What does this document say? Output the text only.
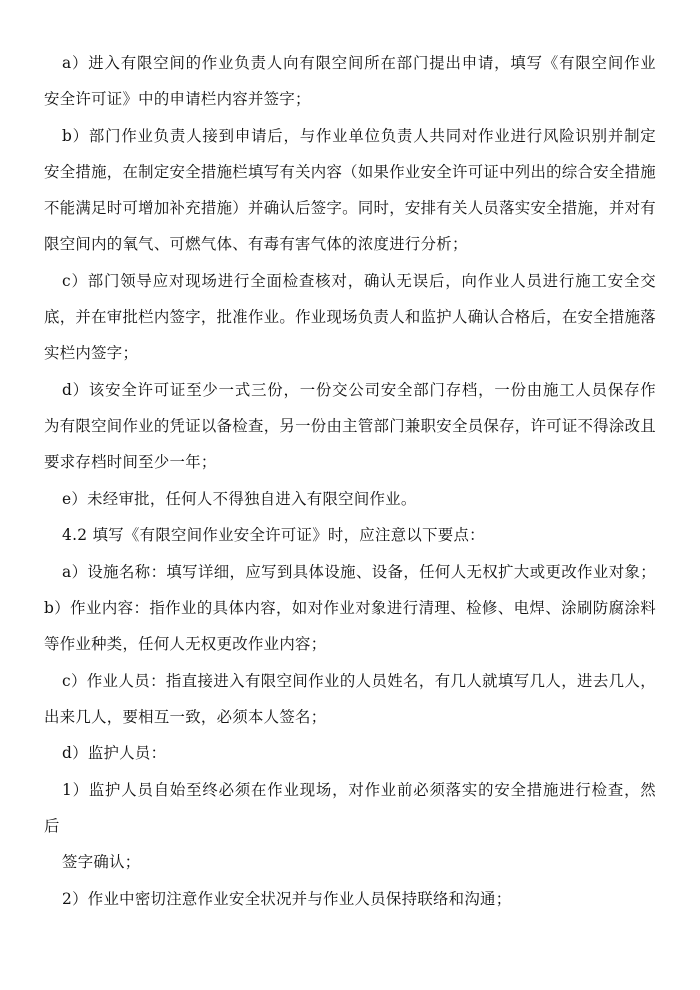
a）进入有限空间的作业负责人向有限空间所在部门提出申请，填写《有限空间作业
安全许可证》中的申请栏内容并签字；
b）部门作业负责人接到申请后，与作业单位负责人共同对作业进行风险识别并制定
安全措施，在制定安全措施栏填写有关内容（如果作业安全许可证中列出的综合安全措施
不能满足时可增加补充措施）并确认后签字。同时，安排有关人员落实安全措施，并对有
限空间内的氧气、可燃气体、有毒有害气体的浓度进行分析；
c）部门领导应对现场进行全面检查核对，确认无误后，向作业人员进行施工安全交
底，并在审批栏内签字，批准作业。作业现场负责人和监护人确认合格后，在安全措施落
实栏内签字；
d）该安全许可证至少一式三份，一份交公司安全部门存档，一份由施工人员保存作
为有限空间作业的凭证以备检查，另一份由主管部门兼职安全员保存，许可证不得涂改且
要求存档时间至少一年；
e）未经审批，任何人不得独自进入有限空间作业。
4.2 填写《有限空间作业安全许可证》时，应注意以下要点：
a）设施名称：填写详细，应写到具体设施、设备，任何人无权扩大或更改作业对象；
b）作业内容：指作业的具体内容，如对作业对象进行清理、检修、电焊、涂刷防腐涂料
等作业种类，任何人无权更改作业内容；
c）作业人员：指直接进入有限空间作业的人员姓名，有几人就填写几人，进去几人，
出来几人，要相互一致，必须本人签名；
d）监护人员：
1）监护人员自始至终必须在作业现场，对作业前必须落实的安全措施进行检查，然
后
签字确认；
2）作业中密切注意作业安全状况并与作业人员保持联络和沟通；
